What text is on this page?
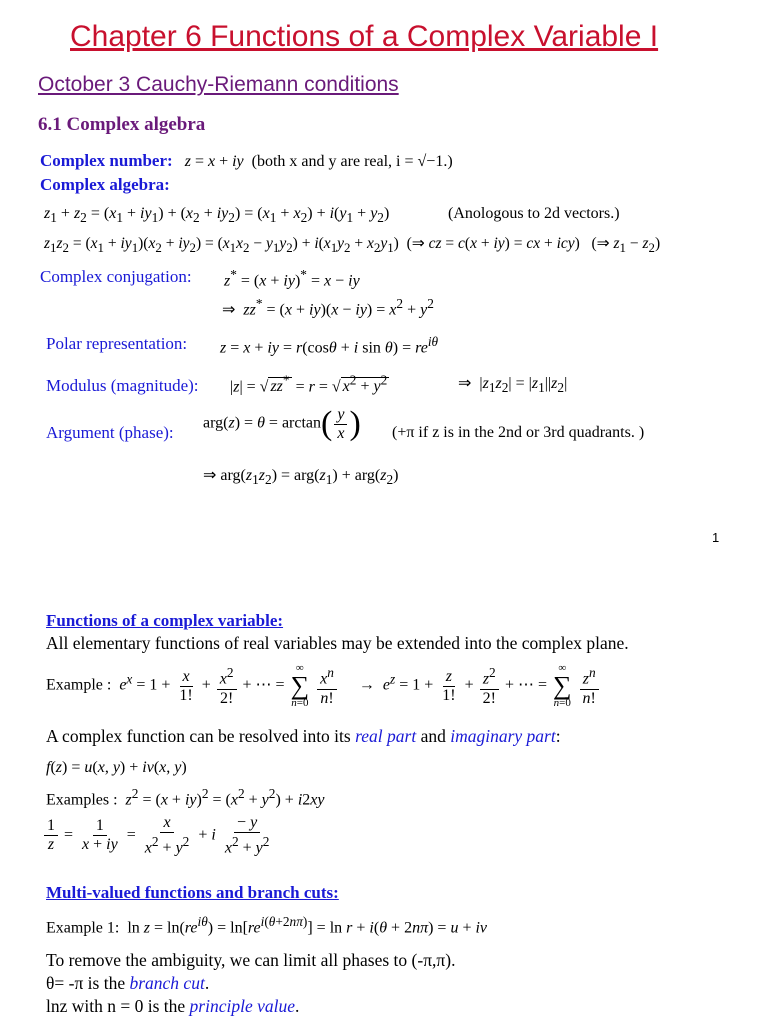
Chapter 6 Functions of a Complex Variable I
October 3 Cauchy-Riemann conditions
6.1 Complex algebra
Complex number: z = x + iy (both x and y are real, i = √−1.)
Complex algebra:
$z_1 + z_2 = (x_1 + iy_1) + (x_2 + iy_2) = (x_1 + x_2) + i(y_1 + y_2)$	(Anologous to 2d vectors.)
$z_1z_2 = (x_1 + iy_1)(x_2 + iy_2) = (x_1x_2 - y_1y_2) + i(x_1y_2 + x_2y_1)$  (⇒ cz = c(x + iy) = cx + icy)   (⇒ $z_1 - z_2$)
Complex conjugation: z* = (x + iy)* = x − iy
⇒  $zz^* = (x + iy)(x - iy) = x^2 + y^2$
Polar representation: z = x + iy = r(cosθ + i $\sin \theta) = re^{i\theta}$
Modulus (magnitude): |z| = √ zz* = r = √ $x^2 + y^2$	⇒  $|z_1z_2| = |z_1||z_2|$
Argument (phase): $arg(z) = \theta = \arctan( \frac{y}{x}$ ) (+π if z is in the 2nd or 3rd quadrants. )
⇒ $arg(z_1z_2) = arg(z_1) + arg(z_2)$
1
Functions of a complex variable:
All elementary functions of real variables may be extended into the complex plane.
Example : $e^x = 1 + \frac{x}{1!} + \frac{x^2}{2!}$ + ⋯ =
∞
∑
n=0
$\frac{x^n}{n!} \to e^z = 1 + \frac{z}{1!} + \frac{z^2}{2!}$ + ⋯ =
∞
∑
n=0
$\frac{z^n}{n!}$
A complex function can be resolved into its real part and imaginary part:
f(z) = u(x, y) + iv(x, y)
Examples : $z^2 = (x + iy)^2 = (x^2 + y^2) + i2xy$
$\frac{1}{z} = \frac{1}{x + iy} = \frac{x}{x^2 + y^2} + i \frac{- y}{x^2 + y^2}$
Multi-valued functions and branch cuts:
Example 1:  $\ln z = \ln(re^{i\theta}) = \ln[re^{i(\theta+2n\pi)}] = \ln r + i(\theta + 2n\pi) = u$ + iv
To remove the ambiguity, we can limit all phases to (-π,π).
θ= -π is the branch cut.
lnz with n = 0 is the principle value.
